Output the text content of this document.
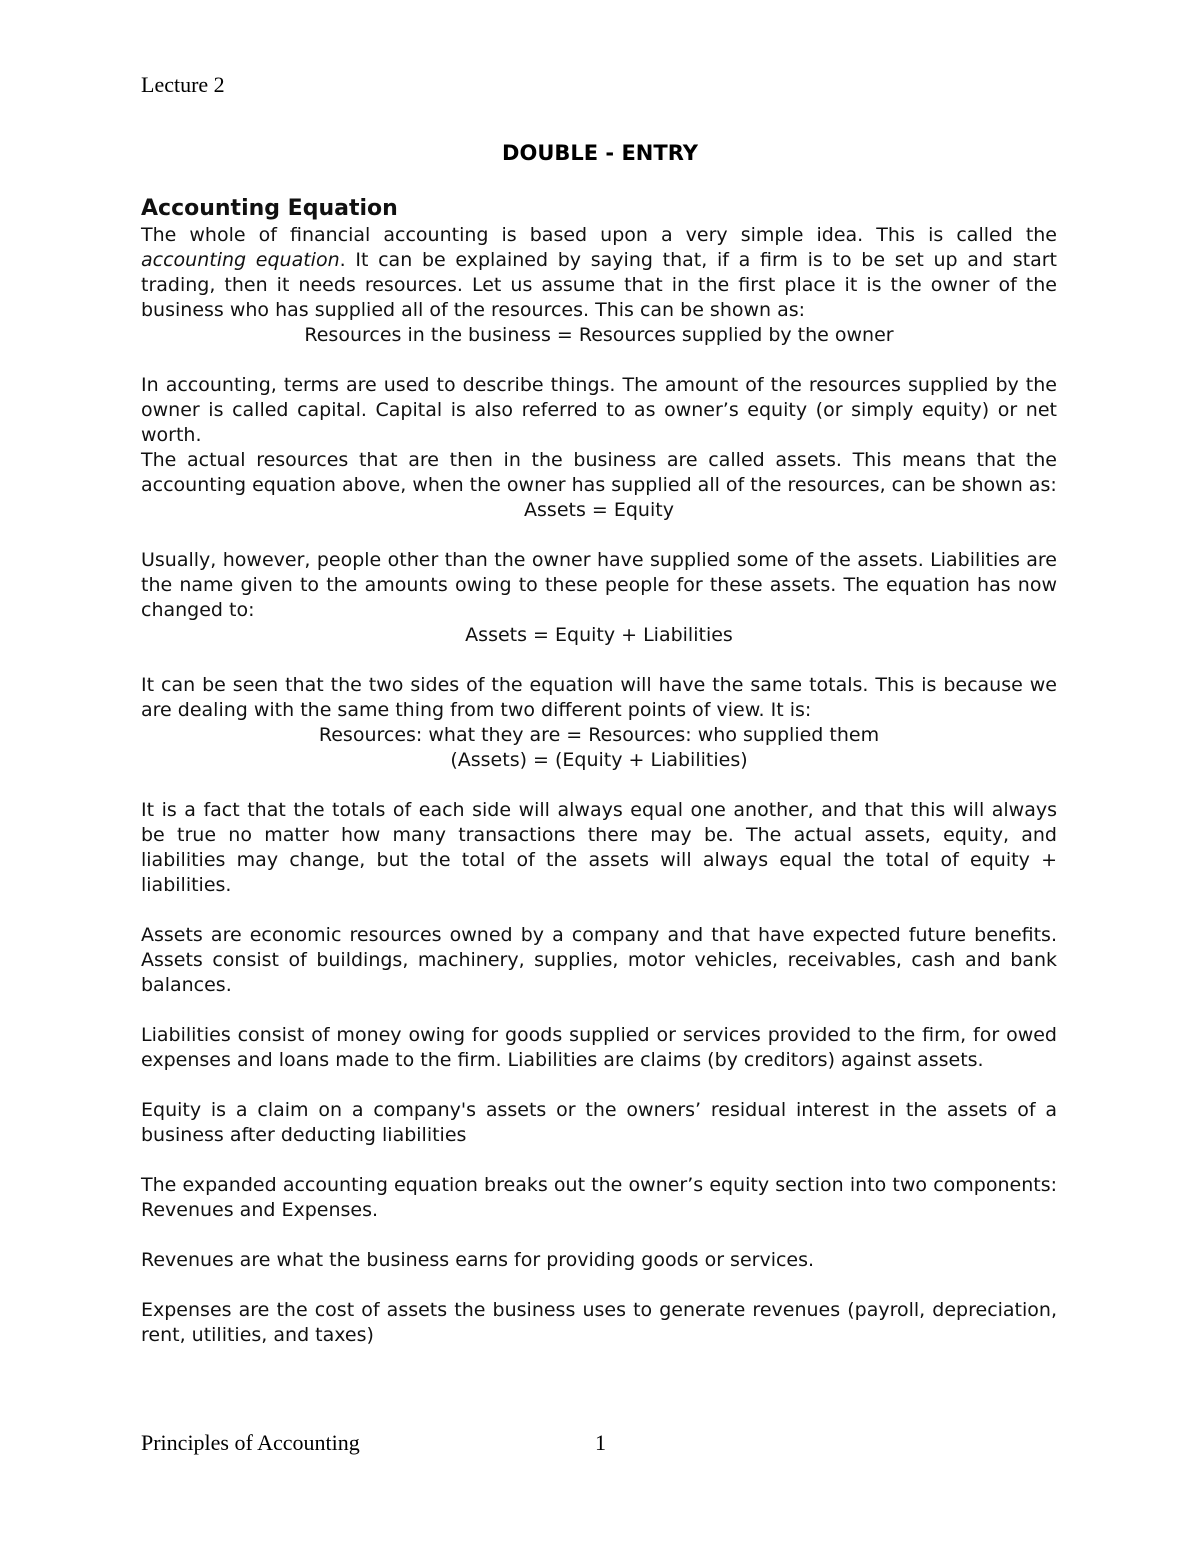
Lecture 2
DOUBLE - ENTRY
Accounting Equation

The whole of financial accounting is based upon a very simple idea. This is called the accounting equation. It can be explained by saying that, if a firm is to be set up and start trading, then it needs resources. Let us assume that in the first place it is the owner of the business who has supplied all of the resources. This can be shown as:

Resources in the business = Resources supplied by the owner

In accounting, terms are used to describe things. The amount of the resources supplied by the owner is called capital. Capital is also referred to as owner’s equity (or simply equity) or net worth.

The actual resources that are then in the business are called assets. This means that the accounting equation above, when the owner has supplied all of the resources, can be shown as:

Assets = Equity

Usually, however, people other than the owner have supplied some of the assets. Liabilities are the name given to the amounts owing to these people for these assets. The equation has now changed to:

Assets = Equity + Liabilities

It can be seen that the two sides of the equation will have the same totals. This is because we are dealing with the same thing from two different points of view. It is:

Resources: what they are = Resources: who supplied them

(Assets) = (Equity + Liabilities)

It is a fact that the totals of each side will always equal one another, and that this will always be true no matter how many transactions there may be. The actual assets, equity, and liabilities may change, but the total of the assets will always equal the total of equity + liabilities.

Assets are economic resources owned by a company and that have expected future benefits. Assets consist of buildings, machinery, supplies, motor vehicles, receivables, cash and bank balances.

Liabilities consist of money owing for goods supplied or services provided to the firm, for owed expenses and loans made to the firm. Liabilities are claims (by creditors) against assets.

Equity is a claim on a company's assets or the owners’ residual interest in the assets of a business after deducting liabilities

The expanded accounting equation breaks out the owner’s equity section into two components: Revenues and Expenses.

Revenues are what the business earns for providing goods or services.

Expenses are the cost of assets the business uses to generate revenues (payroll, depreciation, rent, utilities, and taxes)

Principles of Accounting	1
